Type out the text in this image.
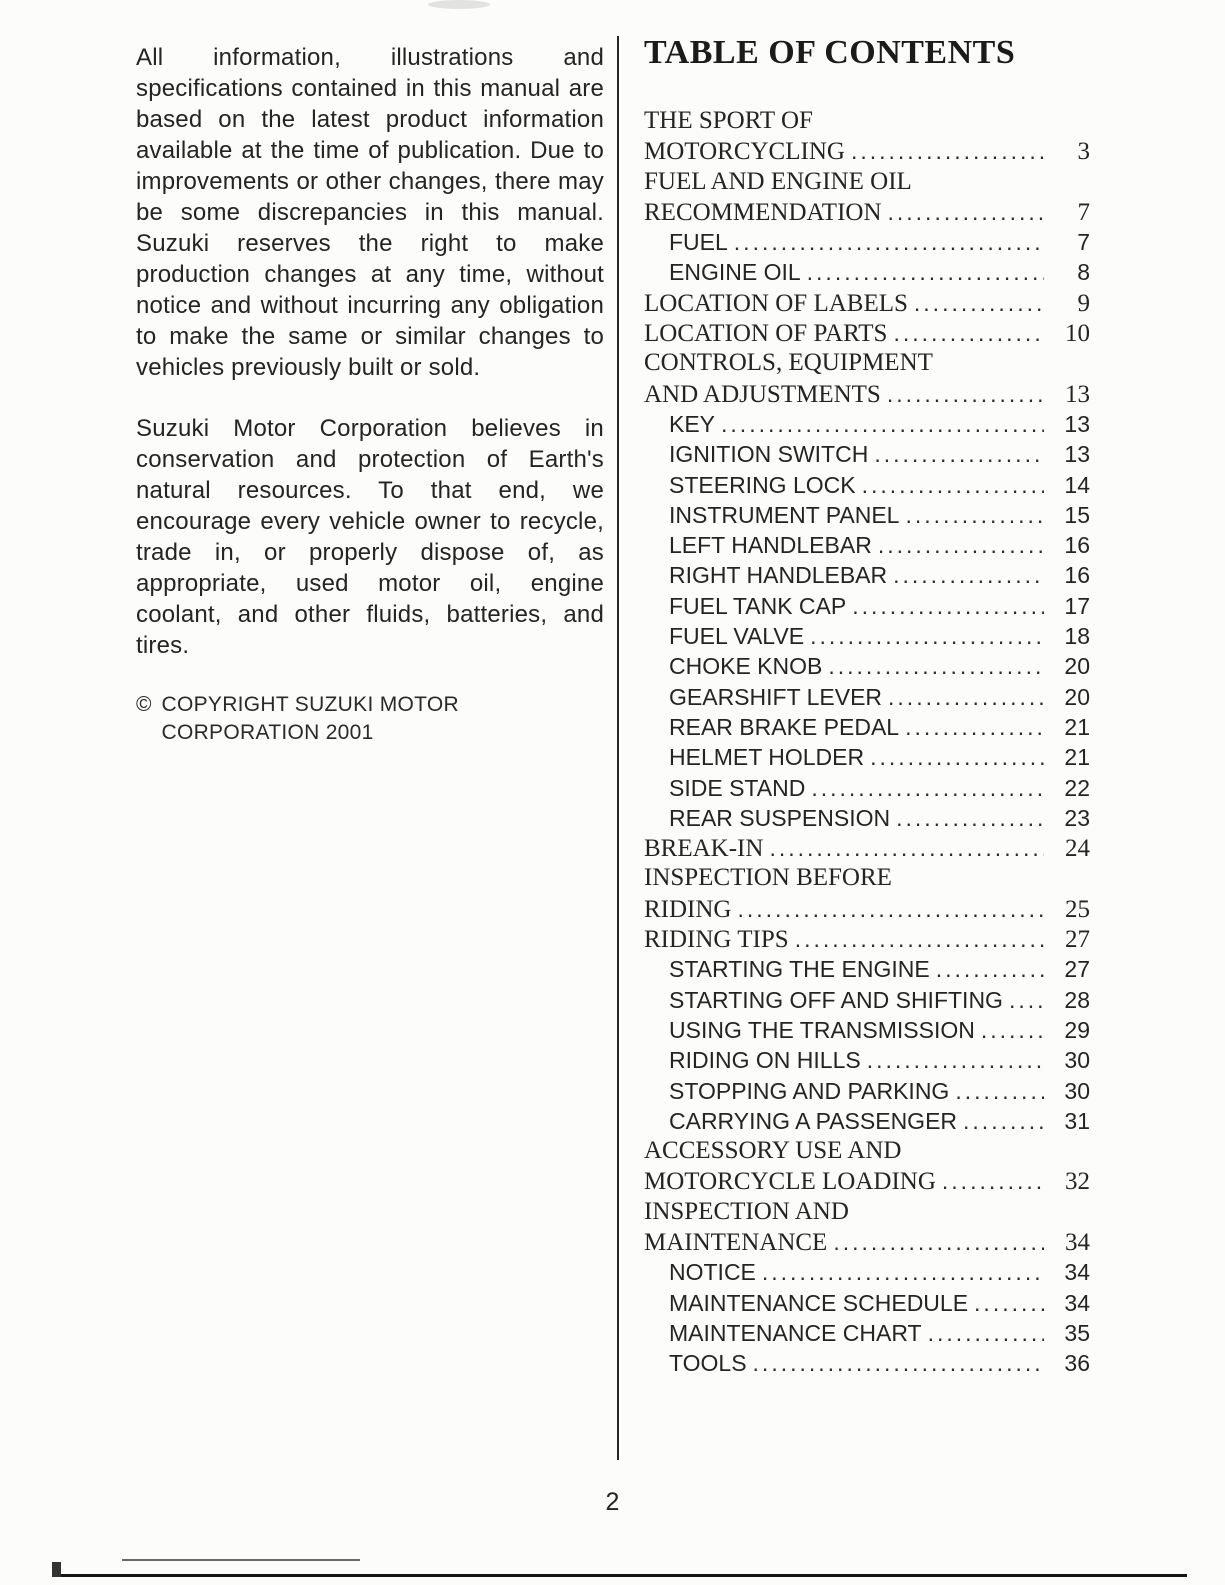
All information, illustrations and specifications contained in this manual are based on the latest product information available at the time of publication. Due to improvements or other changes, there may be some discrepancies in this manual. Suzuki reserves the right to make production changes at any time, without notice and without incurring any obligation to make the same or similar changes to vehicles previously built or sold.

Suzuki Motor Corporation believes in conservation and protection of Earth's natural resources. To that end, we encourage every vehicle owner to recycle, trade in, or properly dispose of, as appropriate, used motor oil, engine coolant, and other fluids, batteries, and tires.

© COPYRIGHT SUZUKI MOTOR
CORPORATION 2001
TABLE OF CONTENTS
THE SPORT OF
MOTORCYCLING .....	3
FUEL AND ENGINE OIL
RECOMMENDATION .....	7
FUEL .....	7
ENGINE OIL .....	8
LOCATION OF LABELS .....	9
LOCATION OF PARTS .....	10
CONTROLS, EQUIPMENT
AND ADJUSTMENTS .....	13
KEY .....	13
IGNITION SWITCH .....	13
STEERING LOCK .....	14
INSTRUMENT PANEL .....	15
LEFT HANDLEBAR .....	16
RIGHT HANDLEBAR .....	16
FUEL TANK CAP .....	17
FUEL VALVE .....	18
CHOKE KNOB .....	20
GEARSHIFT LEVER .....	20
REAR BRAKE PEDAL .....	21
HELMET HOLDER .....	21
SIDE STAND .....	22
REAR SUSPENSION .....	23
BREAK-IN .....	24
INSPECTION BEFORE
RIDING .....	25
RIDING TIPS .....	27
STARTING THE ENGINE .....	27
STARTING OFF AND SHIFTING .....	28
USING THE TRANSMISSION .....	29
RIDING ON HILLS .....	30
STOPPING AND PARKING .....	30
CARRYING A PASSENGER .....	31
ACCESSORY USE AND
MOTORCYCLE LOADING .....	32
INSPECTION AND
MAINTENANCE .....	34
NOTICE .....	34
MAINTENANCE SCHEDULE .....	34
MAINTENANCE CHART .....	35
TOOLS .....	36
2
